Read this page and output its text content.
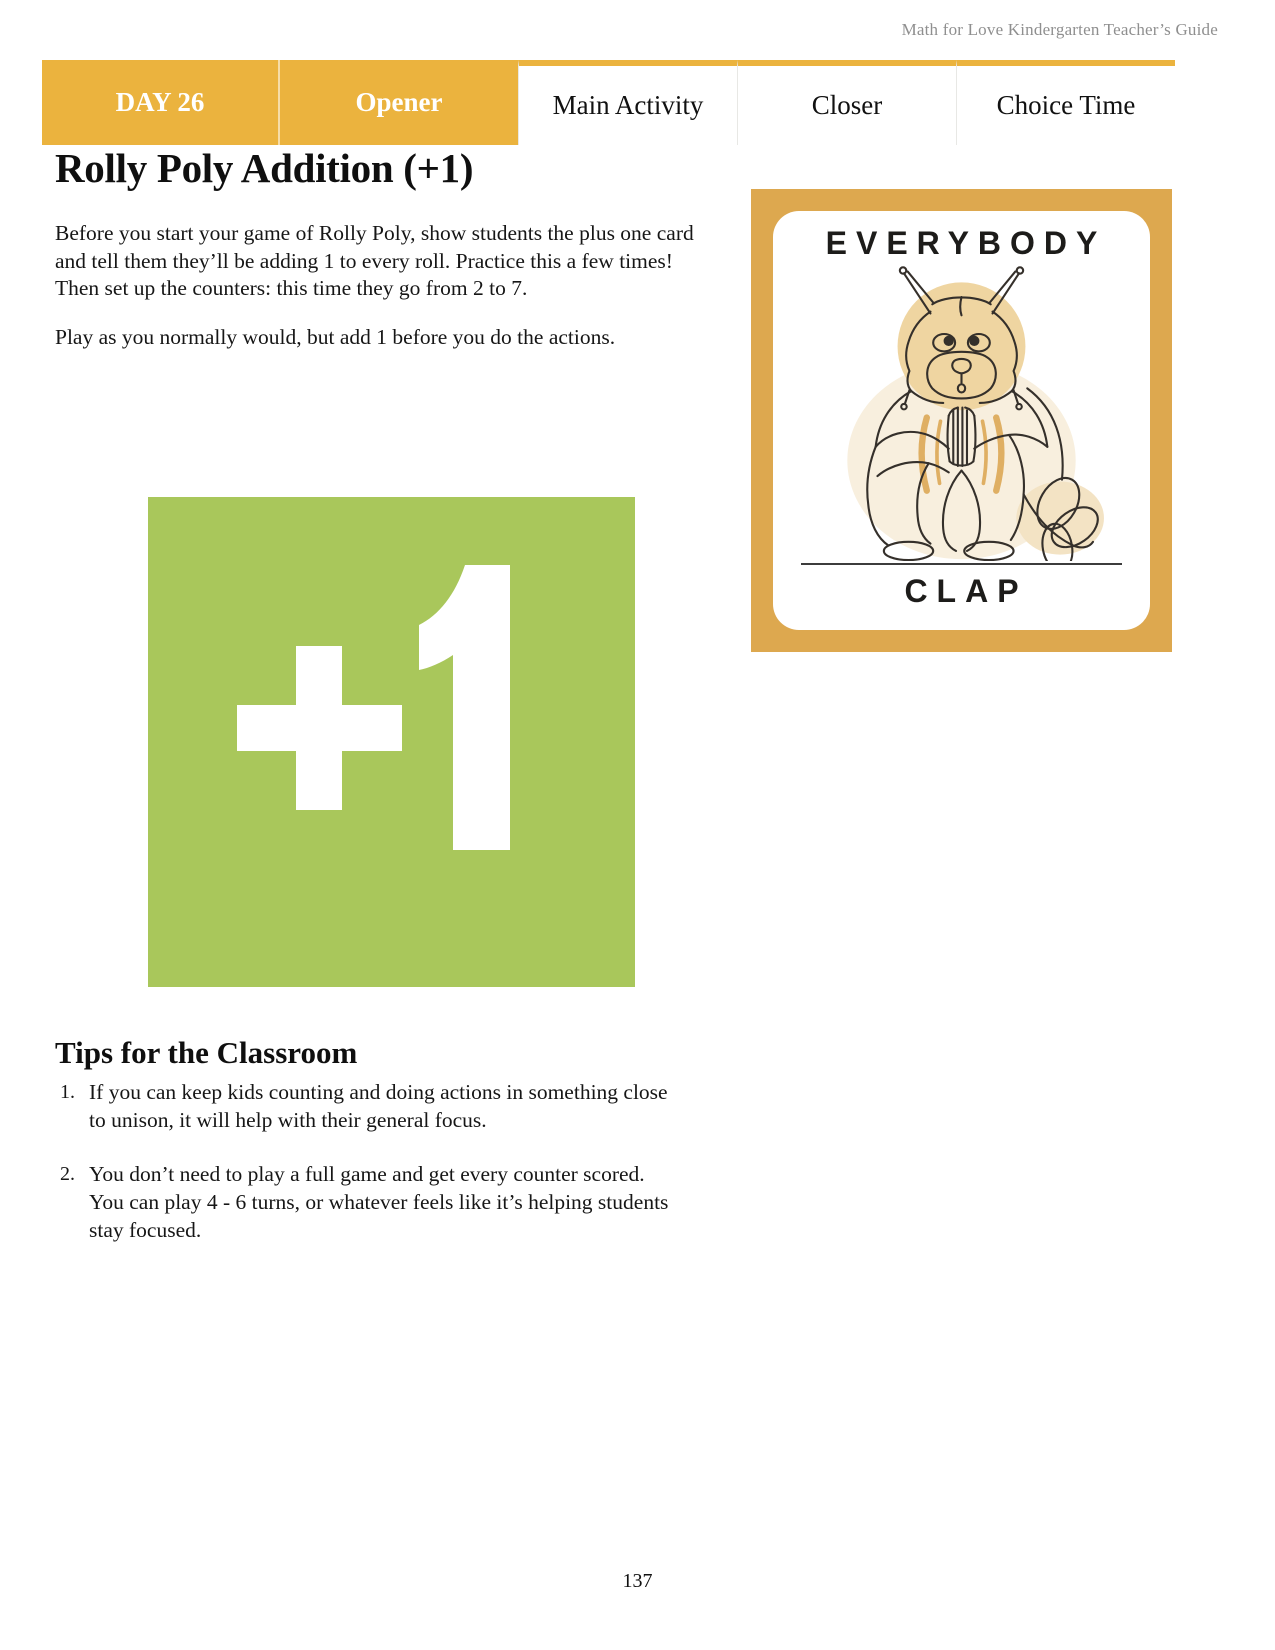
Math for Love Kindergarten Teacher’s Guide
DAY 26	Opener	Main Activity	Closer	Choice Time
Rolly Poly Addition (+1)

Before you start your game of Rolly Poly, show students the plus one card and tell them they’ll be adding 1 to every roll. Practice this a few times! Then set up the counters: this time they go from 2 to 7.

Play as you normally would, but add 1 before you do the actions.

EVERYBODY
CLAP
Tips for the Classroom
1. If you can keep kids counting and doing actions in something close to unison, it will help with their general focus.
2. You don’t need to play a full game and get every counter scored. You can play 4 - 6 turns, or whatever feels like it’s helping students stay focused.
137
